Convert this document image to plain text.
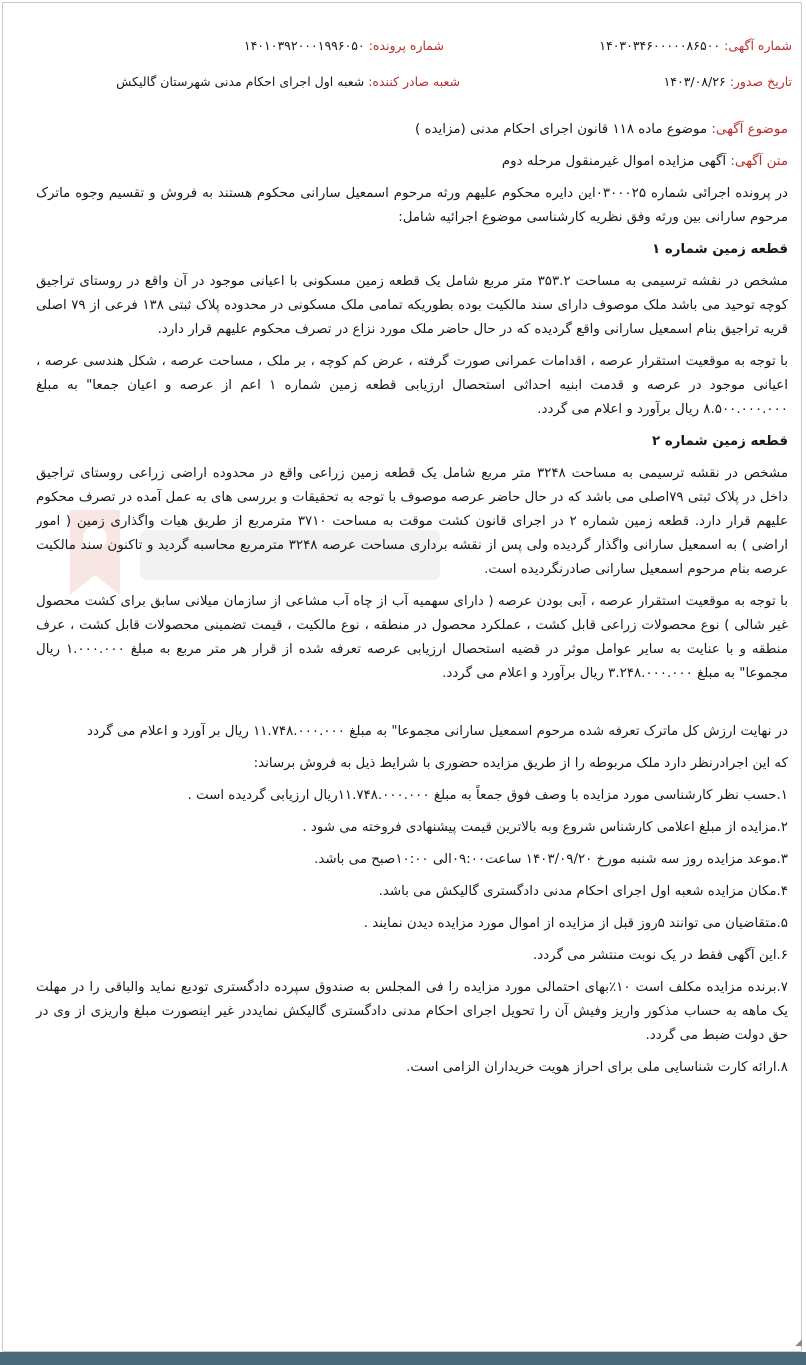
شماره آگهی: ۱۴۰۳۰۳۴۶۰۰۰۰۰۸۶۵۰۰
شماره پرونده: ۱۴۰۱۰۳۹۲۰۰۰۱۹۹۶۰۵۰
تاریخ صدور: ۱۴۰۳/۰۸/۲۶
شعبه صادر کننده: شعبه اول اجرای احکام مدنی شهرستان گالیکش

موضوع آگهی: موضوع ماده ۱۱۸ قانون اجرای احکام مدنی (مزایده )

متن آگهی: آگهی مزایده اموال غیرمنقول مرحله دوم

در پرونده اجرائی شماره ۰۳۰۰۰۲۵این دایره محکوم علیهم ورثه مرحوم اسمعیل سارانی محکوم هستند به فروش و تقسیم وجوه ماترک مرحوم سارانی بین ورثه وفق نظریه کارشناسی موضوع اجرائیه شامل:

قطعه زمین شماره ۱

مشخص در نقشه ترسیمی به مساحت ۳۵۳.۲ متر مربع شامل یک قطعه زمین مسکونی با اعیانی موجود در آن واقع در روستای تراجیق کوچه توحید می باشد ملک موصوف دارای سند مالکیت بوده بطوریکه تمامی ملک مسکونی در محدوده پلاک ثبتی ۱۳۸ فرعی از ۷۹ اصلی قریه تراجیق بنام اسمعیل سارانی واقع گردیده که در حال حاضر ملک مورد نزاع در تصرف محکوم علیهم قرار دارد.

با توجه به موقعیت استقرار عرصه ، اقدامات عمرانی صورت گرفته ، عرض کم کوچه ، بر ملک ، مساحت عرصه ، شکل هندسی عرصه ، اعیانی موجود در عرصه و قدمت ابنیه احداثی استحصال ارزیابی قطعه زمین شماره ۱ اعم از عرصه و اعیان جمعا" به مبلغ ۸.۵۰۰.۰۰۰.۰۰۰ ریال برآورد و اعلام می گردد.

قطعه زمین شماره ۲

مشخص در نقشه ترسیمی به مساحت ۳۲۴۸ متر مربع شامل یک قطعه زمین زراعی واقع در محدوده اراضی زراعی روستای تراجیق داخل در پلاک ثبتی ۷۹اصلی می باشد که در حال حاضر عرصه موصوف با توجه به تحقیقات و بررسی های به عمل آمده در تصرف محکوم علیهم قرار دارد. قطعه زمین شماره ۲ در اجرای قانون کشت موقت به مساحت ۳۷۱۰ مترمربع از طریق هیات واگذاری زمین ( امور اراضی ) به اسمعیل سارانی واگذار گردیده ولی پس از نقشه برداری مساحت عرصه ۳۲۴۸ مترمربع محاسبه گردید و تاکنون سند مالکیت عرصه بنام مرحوم اسمعیل سارانی صادرنگردیده است.

با توجه به موقعیت استقرار عرصه ، آبی بودن عرصه ( دارای سهمیه آب از چاه آب مشاعی از سازمان میلانی سابق برای کشت محصول غیر شالی ) نوع محصولات زراعی قابل کشت ، عملکرد محصول در منطقه ، نوع مالکیت ، قیمت تضمینی محصولات قابل کشت ، عرف منطقه و با عنایت به سایر عوامل موثر در قضیه استحصال ارزیابی عرصه تعرفه شده از قرار هر متر مربع به مبلغ ۱.۰۰۰.۰۰۰ ریال مجموعا" به مبلغ ۳.۲۴۸.۰۰۰.۰۰۰ ریال برآورد و اعلام می گردد.

در نهایت ارزش کل ماترک تعرفه شده مرحوم اسمعیل سارانی مجموعا" به مبلغ ۱۱.۷۴۸.۰۰۰.۰۰۰ ریال بر آورد و اعلام می گردد

که این اجرادرنظر دارد ملک مربوطه را از طریق مزایده حضوری با شرایط ذیل به فروش برساند:

۱.حسب نظر کارشناسی مورد مزایده با وصف فوق جمعاً به مبلغ ۱۱.۷۴۸.۰۰۰.۰۰۰ریال ارزیابی گردیده است .

۲.مزایده از مبلغ اعلامی کارشناس شروع وبه بالاترین قیمت پیشنهادی فروخته می شود .

۳.موعد مزایده روز سه شنبه مورخ ۱۴۰۳/۰۹/۲۰ ساعت۰۹:۰۰الی ۱۰:۰۰صبح می باشد.

۴.مکان مزایده شعبه اول اجرای احکام مدنی دادگستری گالیکش می باشد.

۵.متقاضیان می توانند ۵روز قبل از مزایده از اموال مورد مزایده دیدن نمایند .

۶.این آگهی فقط در یک نوبت منتشر می گردد.

۷.برنده مزایده مکلف است ۱۰٪بهای احتمالی مورد مزایده را فی المجلس به صندوق سپرده دادگستری تودیع نماید والباقی را در مهلت یک ماهه به حساب مذکور واریز وفیش آن را تحویل اجرای احکام مدنی دادگستری گالیکش نمایددر غیر اینصورت مبلغ واریزی از وی در حق دولت ضبط می گردد.

۸.ارائه کارت شناسایی ملی برای احراز هویت خریداران الزامی است.

◢
